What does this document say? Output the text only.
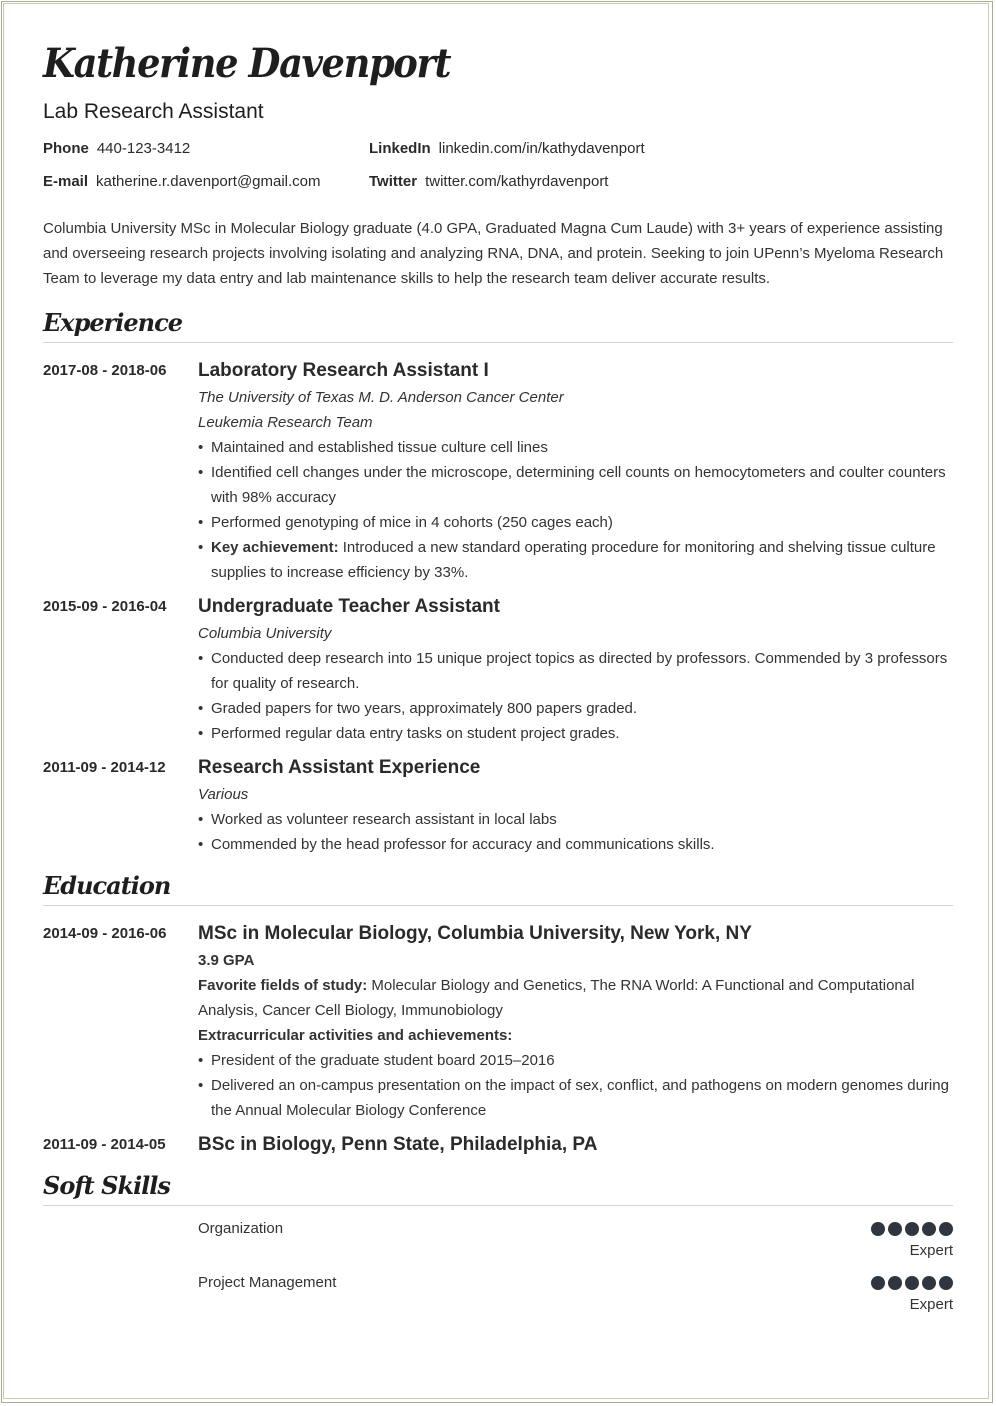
Katherine Davenport
Lab Research Assistant
Phone 440-123-3412	LinkedIn linkedin.com/in/kathydavenport
E-mail katherine.r.davenport@gmail.com	Twitter twitter.com/kathyrdavenport
Columbia University MSc in Molecular Biology graduate (4.0 GPA, Graduated Magna Cum Laude) with 3+ years of experience assisting and overseeing research projects involving isolating and analyzing RNA, DNA, and protein. Seeking to join UPenn’s Myeloma Research Team to leverage my data entry and lab maintenance skills to help the research team deliver accurate results.
Experience
2017-08 - 2018-06	Laboratory Research Assistant I
The University of Texas M. D. Anderson Cancer Center
Leukemia Research Team
• Maintained and established tissue culture cell lines
• Identified cell changes under the microscope, determining cell counts on hemocytometers and coulter counters with 98% accuracy
• Performed genotyping of mice in 4 cohorts (250 cages each)
• Key achievement: Introduced a new standard operating procedure for monitoring and shelving tissue culture supplies to increase efficiency by 33%.
2015-09 - 2016-04	Undergraduate Teacher Assistant
Columbia University
• Conducted deep research into 15 unique project topics as directed by professors. Commended by 3 professors for quality of research.
• Graded papers for two years, approximately 800 papers graded.
• Performed regular data entry tasks on student project grades.
2011-09 - 2014-12	Research Assistant Experience
Various
• Worked as volunteer research assistant in local labs
• Commended by the head professor for accuracy and communications skills.
Education
2014-09 - 2016-06	MSc in Molecular Biology, Columbia University, New York, NY
3.9 GPA
Favorite fields of study: Molecular Biology and Genetics, The RNA World: A Functional and Computational Analysis, Cancer Cell Biology, Immunobiology
Extracurricular activities and achievements:
• President of the graduate student board 2015–2016
• Delivered an on-campus presentation on the impact of sex, conflict, and pathogens on modern genomes during the Annual Molecular Biology Conference
2011-09 - 2014-05	BSc in Biology, Penn State, Philadelphia, PA
Soft Skills
Organization
Expert
Project Management
Expert
